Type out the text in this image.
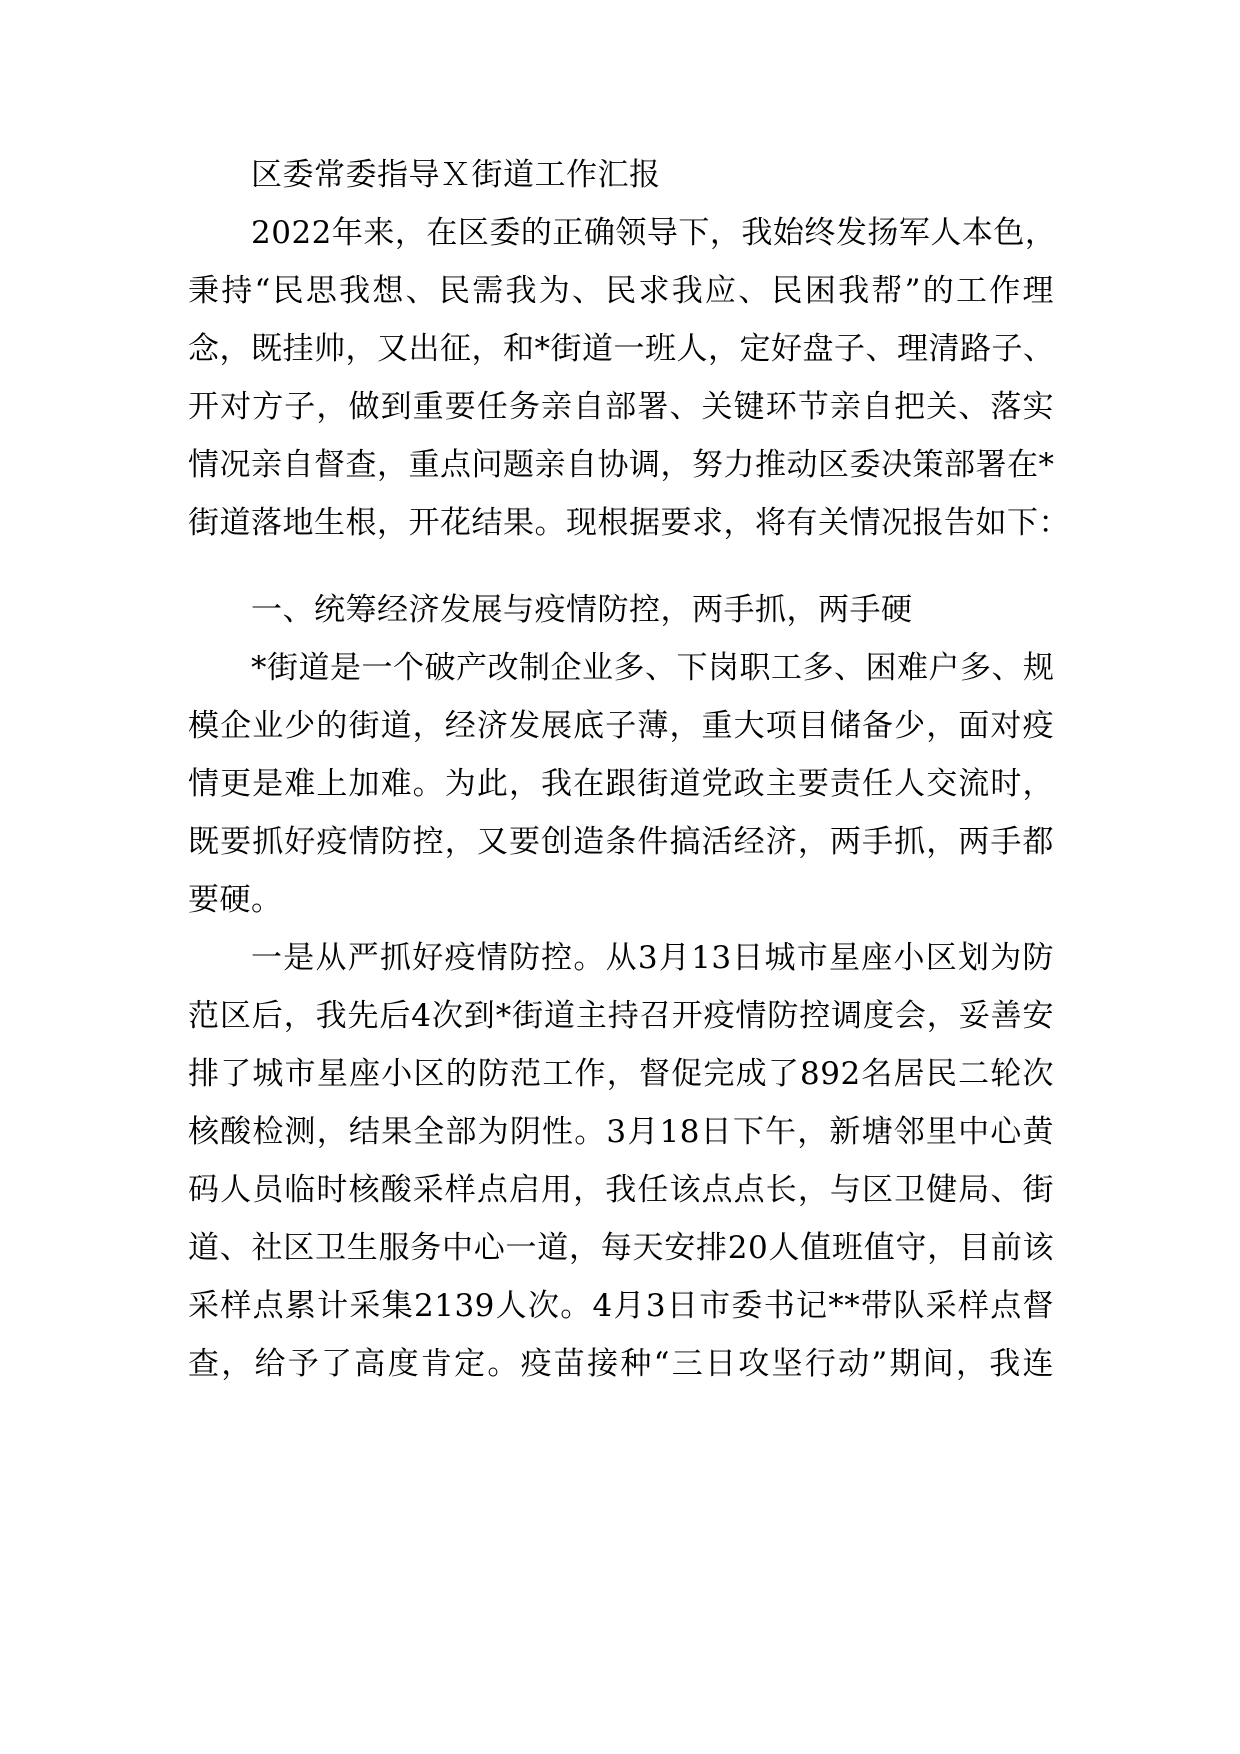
区委常委指导Ｘ街道工作汇报
2022年来，在区委的正确领导下，我始终发扬军人本色，
秉持“民思我想、民需我为、民求我应、民困我帮”的工作理
念，既挂帅，又出征，和*街道一班人，定好盘子、理清路子、
开对方子，做到重要任务亲自部署、关键环节亲自把关、落实
情况亲自督查，重点问题亲自协调，努力推动区委决策部署在*
街道落地生根，开花结果。现根据要求，将有关情况报告如下：
一、统筹经济发展与疫情防控，两手抓，两手硬
*街道是一个破产改制企业多、下岗职工多、困难户多、规
模企业少的街道，经济发展底子薄，重大项目储备少，面对疫
情更是难上加难。为此，我在跟街道党政主要责任人交流时，
既要抓好疫情防控，又要创造条件搞活经济，两手抓，两手都
要硬。
一是从严抓好疫情防控。从3月13日城市星座小区划为防
范区后，我先后4次到*街道主持召开疫情防控调度会，妥善安
排了城市星座小区的防范工作，督促完成了892名居民二轮次
核酸检测，结果全部为阴性。3月18日下午，新塘邻里中心黄
码人员临时核酸采样点启用，我任该点点长，与区卫健局、街
道、社区卫生服务中心一道，每天安排20人值班值守，目前该
采样点累计采集2139人次。4月3日市委书记**带队采样点督
查，给予了高度肯定。疫苗接种“三日攻坚行动”期间，我连
